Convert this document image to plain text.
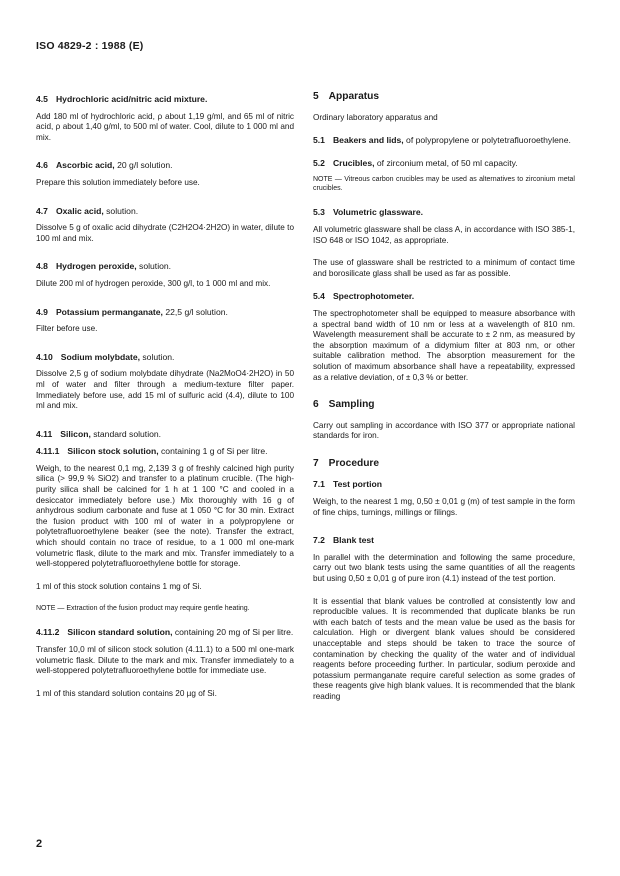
ISO 4829-2 : 1988 (E)
4.5 Hydrochloric acid/nitric acid mixture.

Add 180 ml of hydrochloric acid, ρ about 1,19 g/ml, and 65 ml of nitric acid, ρ about 1,40 g/ml, to 500 ml of water. Cool, dilute to 1 000 ml and mix.

4.6 Ascorbic acid, 20 g/l solution.

Prepare this solution immediately before use.

4.7 Oxalic acid, solution.

Dissolve 5 g of oxalic acid dihydrate (C2H2O4·2H2O) in water, dilute to 100 ml and mix.

4.8 Hydrogen peroxide, solution.

Dilute 200 ml of hydrogen peroxide, 300 g/l, to 1 000 ml and mix.

4.9 Potassium permanganate, 22,5 g/l solution.

Filter before use.

4.10 Sodium molybdate, solution.

Dissolve 2,5 g of sodium molybdate dihydrate (Na2MoO4·2H2O) in 50 ml of water and filter through a medium-texture filter paper. Immediately before use, add 15 ml of sulfuric acid (4.4), dilute to 100 ml and mix.

4.11 Silicon, standard solution.
4.11.1 Silicon stock solution, containing 1 g of Si per litre.

Weigh, to the nearest 0,1 mg, 2,139 3 g of freshly calcined high purity silica (> 99,9 % SiO2) and transfer to a platinum crucible. (The high-purity silica shall be calcined for 1 h at 1 100 °C and cooled in a desiccator immediately before use.) Mix thoroughly with 16 g of anhydrous sodium carbonate and fuse at 1 050 °C for 30 min. Extract the fusion product with 100 ml of water in a polypropylene or polytetrafluoroethylene beaker (see the note). Transfer the extract, which should contain no trace of residue, to a 1 000 ml one-mark volumetric flask, dilute to the mark and mix. Transfer immediately to a well-stoppered polytetrafluoroethylene bottle for storage.

1 ml of this stock solution contains 1 mg of Si.

NOTE — Extraction of the fusion product may require gentle heating.
4.11.2 Silicon standard solution, containing 20 mg of Si per litre.

Transfer 10,0 ml of silicon stock solution (4.11.1) to a 500 ml one-mark volumetric flask. Dilute to the mark and mix. Transfer immediately to a well-stoppered polytetrafluoroethylene bottle for immediate use.

1 ml of this standard solution contains 20 µg of Si.

5 Apparatus

Ordinary laboratory apparatus and

5.1 Beakers and lids, of polypropylene or polytetrafluoroethylene.
5.2 Crucibles, of zirconium metal, of 50 ml capacity.
NOTE — Vitreous carbon crucibles may be used as alternatives to zirconium metal crucibles.
5.3 Volumetric glassware.

All volumetric glassware shall be class A, in accordance with ISO 385-1, ISO 648 or ISO 1042, as appropriate.

The use of glassware shall be restricted to a minimum of contact time and borosilicate glass shall be used as far as possible.

5.4 Spectrophotometer.

The spectrophotometer shall be equipped to measure absorbance with a spectral band width of 10 nm or less at a wavelength of 810 nm. Wavelength measurement shall be accurate to ± 2 nm, as measured by the absorption maximum of a didymium filter at 803 nm, or other suitable calibration method. The absorption measurement for the solution of maximum absorbance shall have a repeatability, expressed as a relative deviation, of ± 0,3 % or better.

6 Sampling

Carry out sampling in accordance with ISO 377 or appropriate national standards for iron.

7 Procedure
7.1 Test portion

Weigh, to the nearest 1 mg, 0,50 ± 0,01 g (m) of test sample in the form of fine chips, turnings, millings or filings.

7.2 Blank test

In parallel with the determination and following the same procedure, carry out two blank tests using the same quantities of all the reagents but using 0,50 ± 0,01 g of pure iron (4.1) instead of the test portion.

It is essential that blank values be controlled at consistently low and reproducible values. It is recommended that duplicate blanks be run with each batch of tests and the mean value be used as the basis for calculation. High or divergent blank values should be considered unacceptable and steps should be taken to trace the source of contamination by checking the quality of the water and of individual reagents before proceeding further. In particular, sodium peroxide and potassium permanganate require careful selection as some grades of these reagents give high blank values. It is recommended that the blank reading

2
